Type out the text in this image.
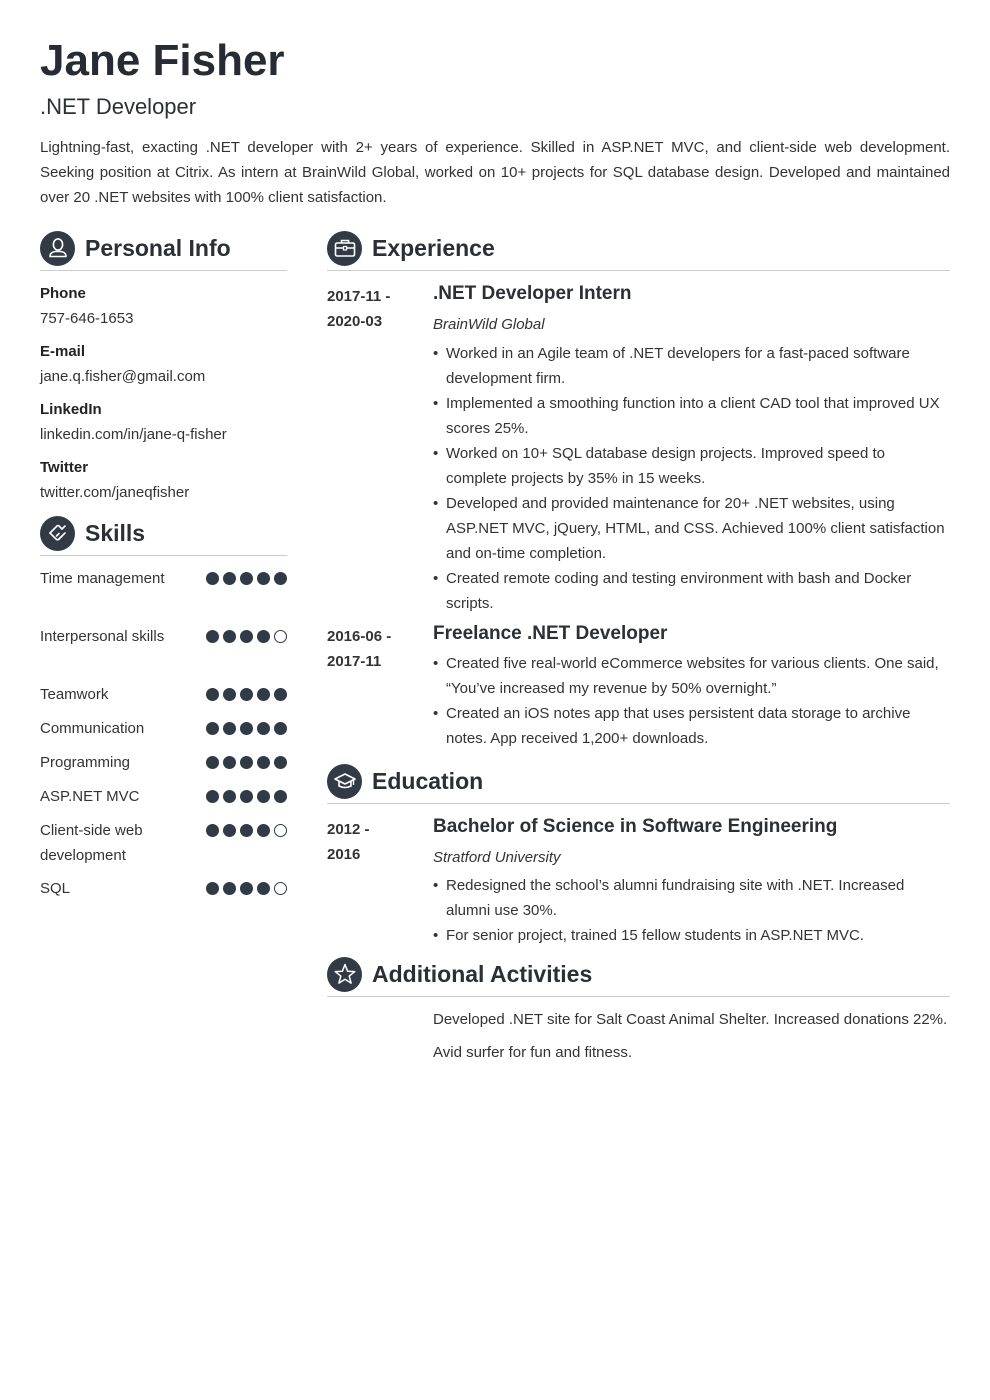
Jane Fisher
.NET Developer
Lightning-fast, exacting .NET developer with 2+ years of experience. Skilled in ASP.NET MVC, and client-side web development. Seeking position at Citrix. As intern at BrainWild Global, worked on 10+ projects for SQL database design. Developed and maintained over 20 .NET websites with 100% client satisfaction.
Personal Info
Phone
757-646-1653
E-mail
jane.q.fisher@gmail.com
LinkedIn
linkedin.com/in/jane-q-fisher
Twitter
twitter.com/janeqfisher
Skills
Time management
Interpersonal skills
Teamwork
Communication
Programming
ASP.NET MVC
Client-side web development
SQL
Experience
2017-11 -
2020-03
.NET Developer Intern
BrainWild Global
• Worked in an Agile team of .NET developers for a fast-paced software development firm.
• Implemented a smoothing function into a client CAD tool that improved UX scores 25%.
• Worked on 10+ SQL database design projects. Improved speed to complete projects by 35% in 15 weeks.
• Developed and provided maintenance for 20+ .NET websites, using ASP.NET MVC, jQuery, HTML, and CSS. Achieved 100% client satisfaction and on-time completion.
• Created remote coding and testing environment with bash and Docker scripts.
2016-06 -
2017-11
Freelance .NET Developer
• Created five real-world eCommerce websites for various clients. One said, “You’ve increased my revenue by 50% overnight.”
• Created an iOS notes app that uses persistent data storage to archive notes. App received 1,200+ downloads.
Education
2012 -
2016
Bachelor of Science in Software Engineering
Stratford University
• Redesigned the school’s alumni fundraising site with .NET. Increased alumni use 30%.
• For senior project, trained 15 fellow students in ASP.NET MVC.
Additional Activities
Developed .NET site for Salt Coast Animal Shelter. Increased donations 22%.
Avid surfer for fun and fitness.
